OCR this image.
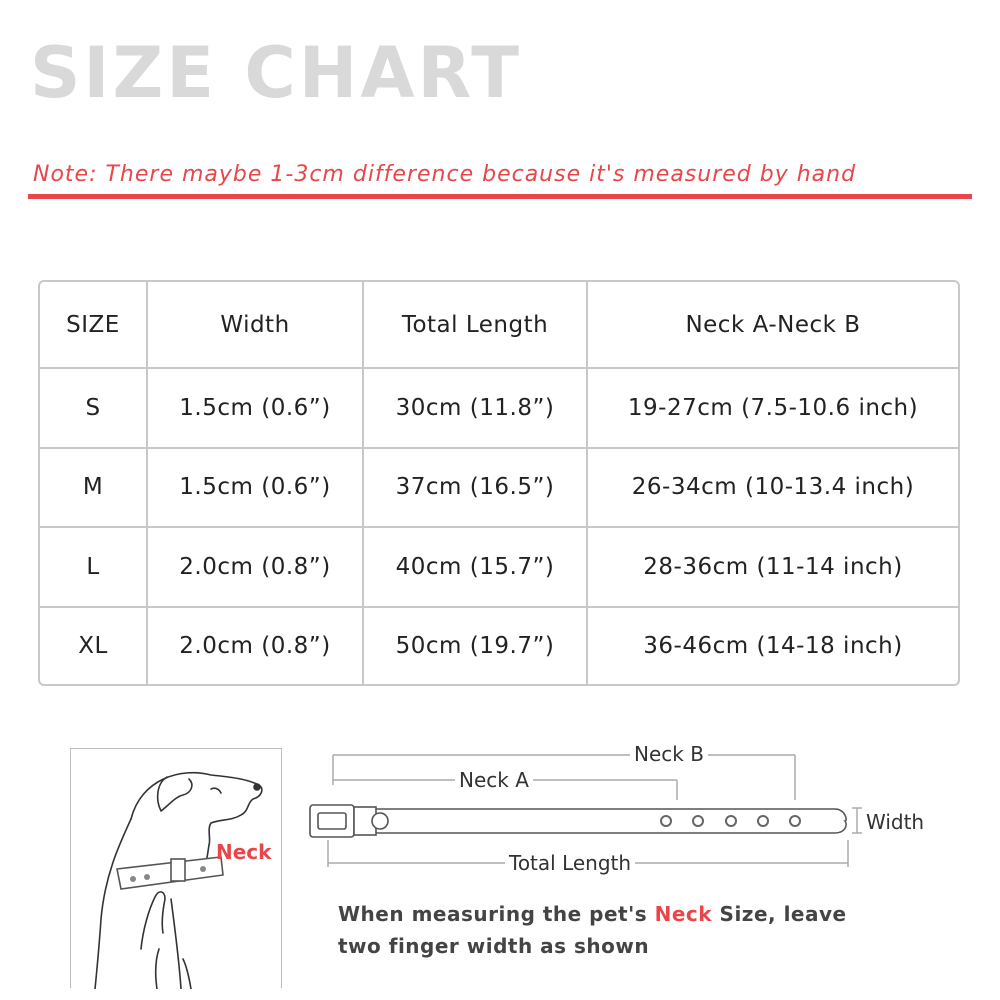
SIZE CHART
Note: There maybe 1-3cm difference because it's measured by hand
SIZE	Width	Total Length	Neck A-Neck B
S	1.5cm (0.6”)	30cm (11.8”)	19-27cm (7.5-10.6 inch)
M	1.5cm (0.6”)	37cm (16.5”)	26-34cm (10-13.4 inch)
L	2.0cm (0.8”)	40cm (15.7”)	28-36cm (11-14 inch)
XL	2.0cm (0.8”)	50cm (19.7”)	36-46cm (14-18 inch)
Neck
Neck B
Neck A
Width
Total Length
When measuring the pet's Neck Size, leave
two finger width as shown
